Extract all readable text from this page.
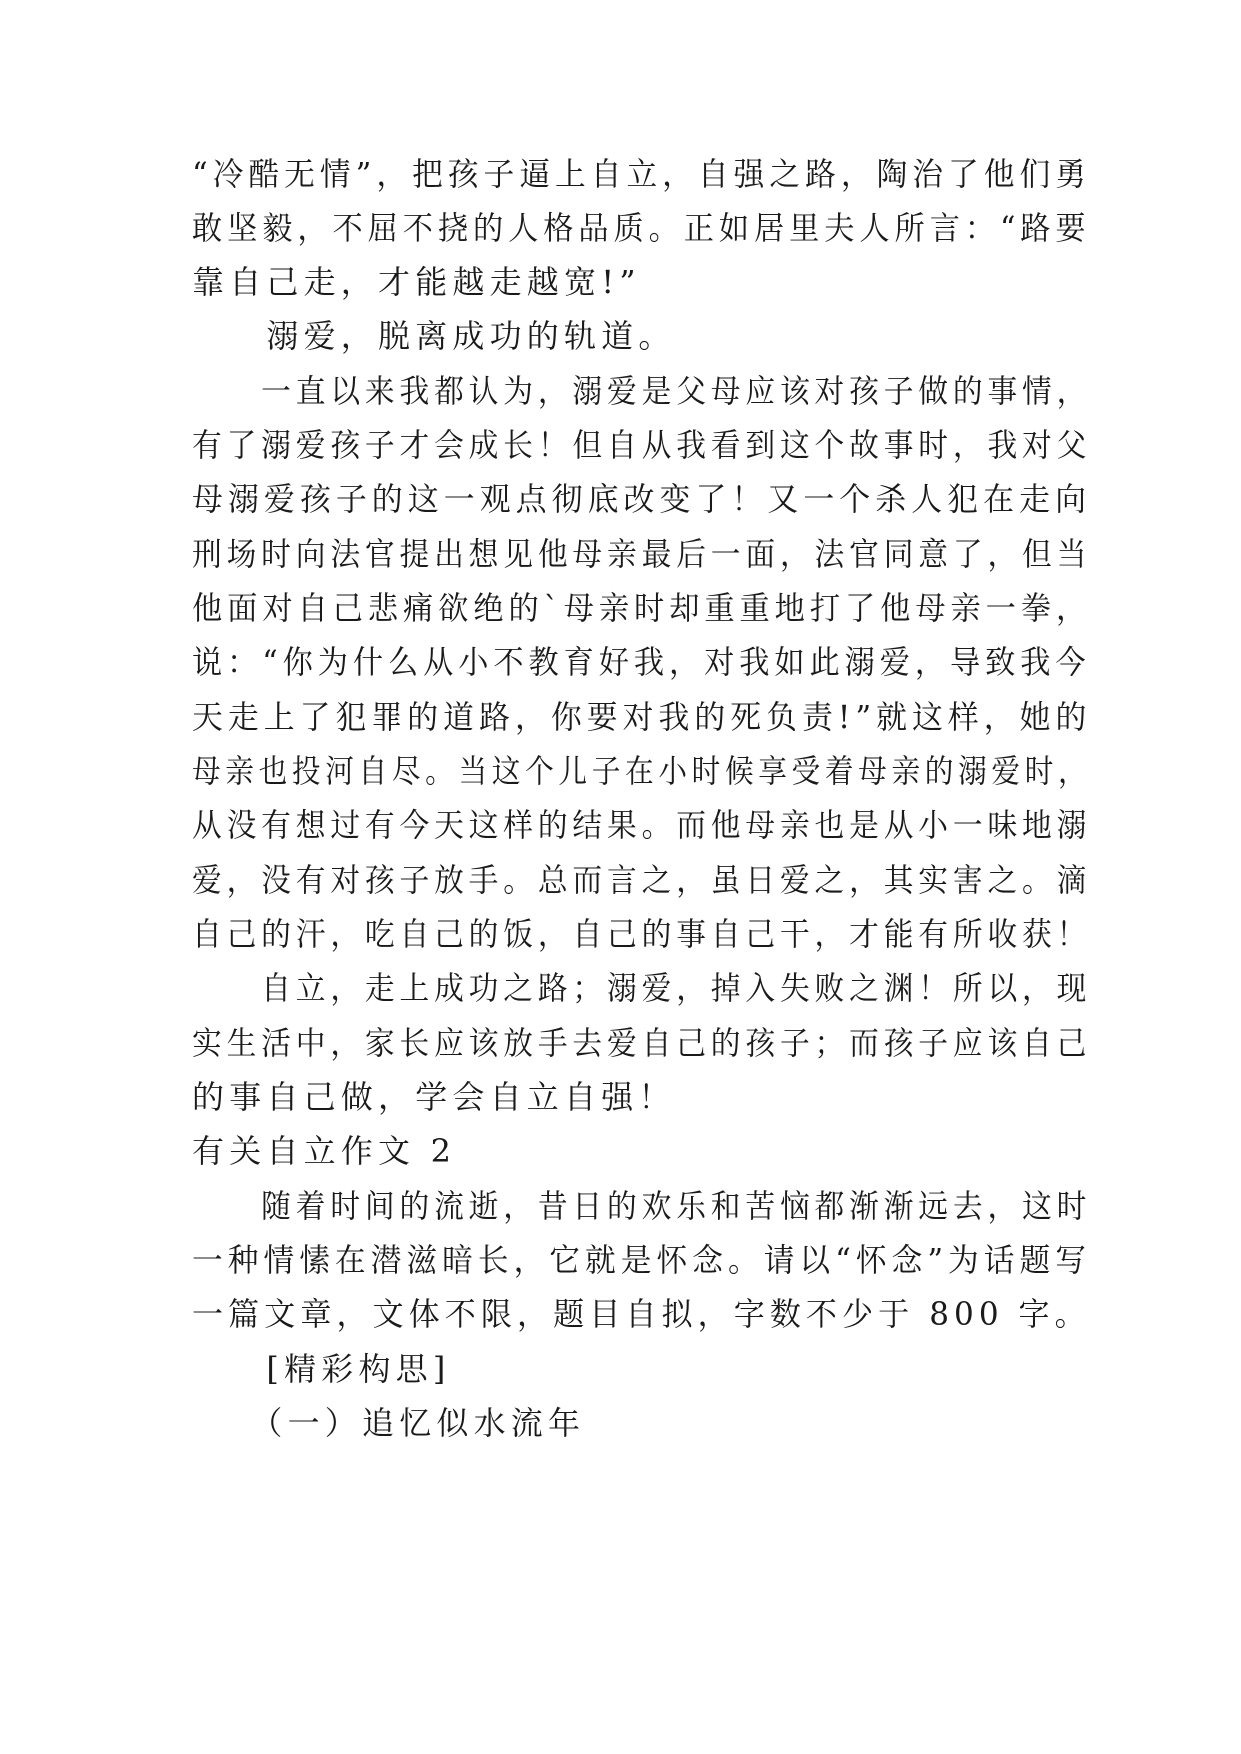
“冷酷无情”，把孩子逼上自立，自强之路，陶治了他们勇
敢坚毅，不屈不挠的人格品质。正如居里夫人所言：“路要
靠自己走，才能越走越宽!”
　　溺爱，脱离成功的轨道。
　　一直以来我都认为，溺爱是父母应该对孩子做的事情，
有了溺爱孩子才会成长！但自从我看到这个故事时，我对父
母溺爱孩子的这一观点彻底改变了！又一个杀人犯在走向
刑场时向法官提出想见他母亲最后一面，法官同意了，但当
他面对自己悲痛欲绝的`母亲时却重重地打了他母亲一拳，
说：“你为什么从小不教育好我，对我如此溺爱，导致我今
天走上了犯罪的道路，你要对我的死负责!”就这样，她的
母亲也投河自尽。当这个儿子在小时候享受着母亲的溺爱时，
从没有想过有今天这样的结果。而他母亲也是从小一味地溺
爱，没有对孩子放手。总而言之，虽日爱之，其实害之。滴
自己的汗，吃自己的饭，自己的事自己干，才能有所收获！
　　自立，走上成功之路；溺爱，掉入失败之渊！所以，现
实生活中，家长应该放手去爱自己的孩子；而孩子应该自己
的事自己做，学会自立自强！
有关自立作文 2
　　随着时间的流逝，昔日的欢乐和苦恼都渐渐远去，这时
一种情愫在潜滋暗长，它就是怀念。请以“怀念”为话题写
一篇文章，文体不限，题目自拟，字数不少于 800 字。
　　[精彩构思]
　　（一）追忆似水流年
